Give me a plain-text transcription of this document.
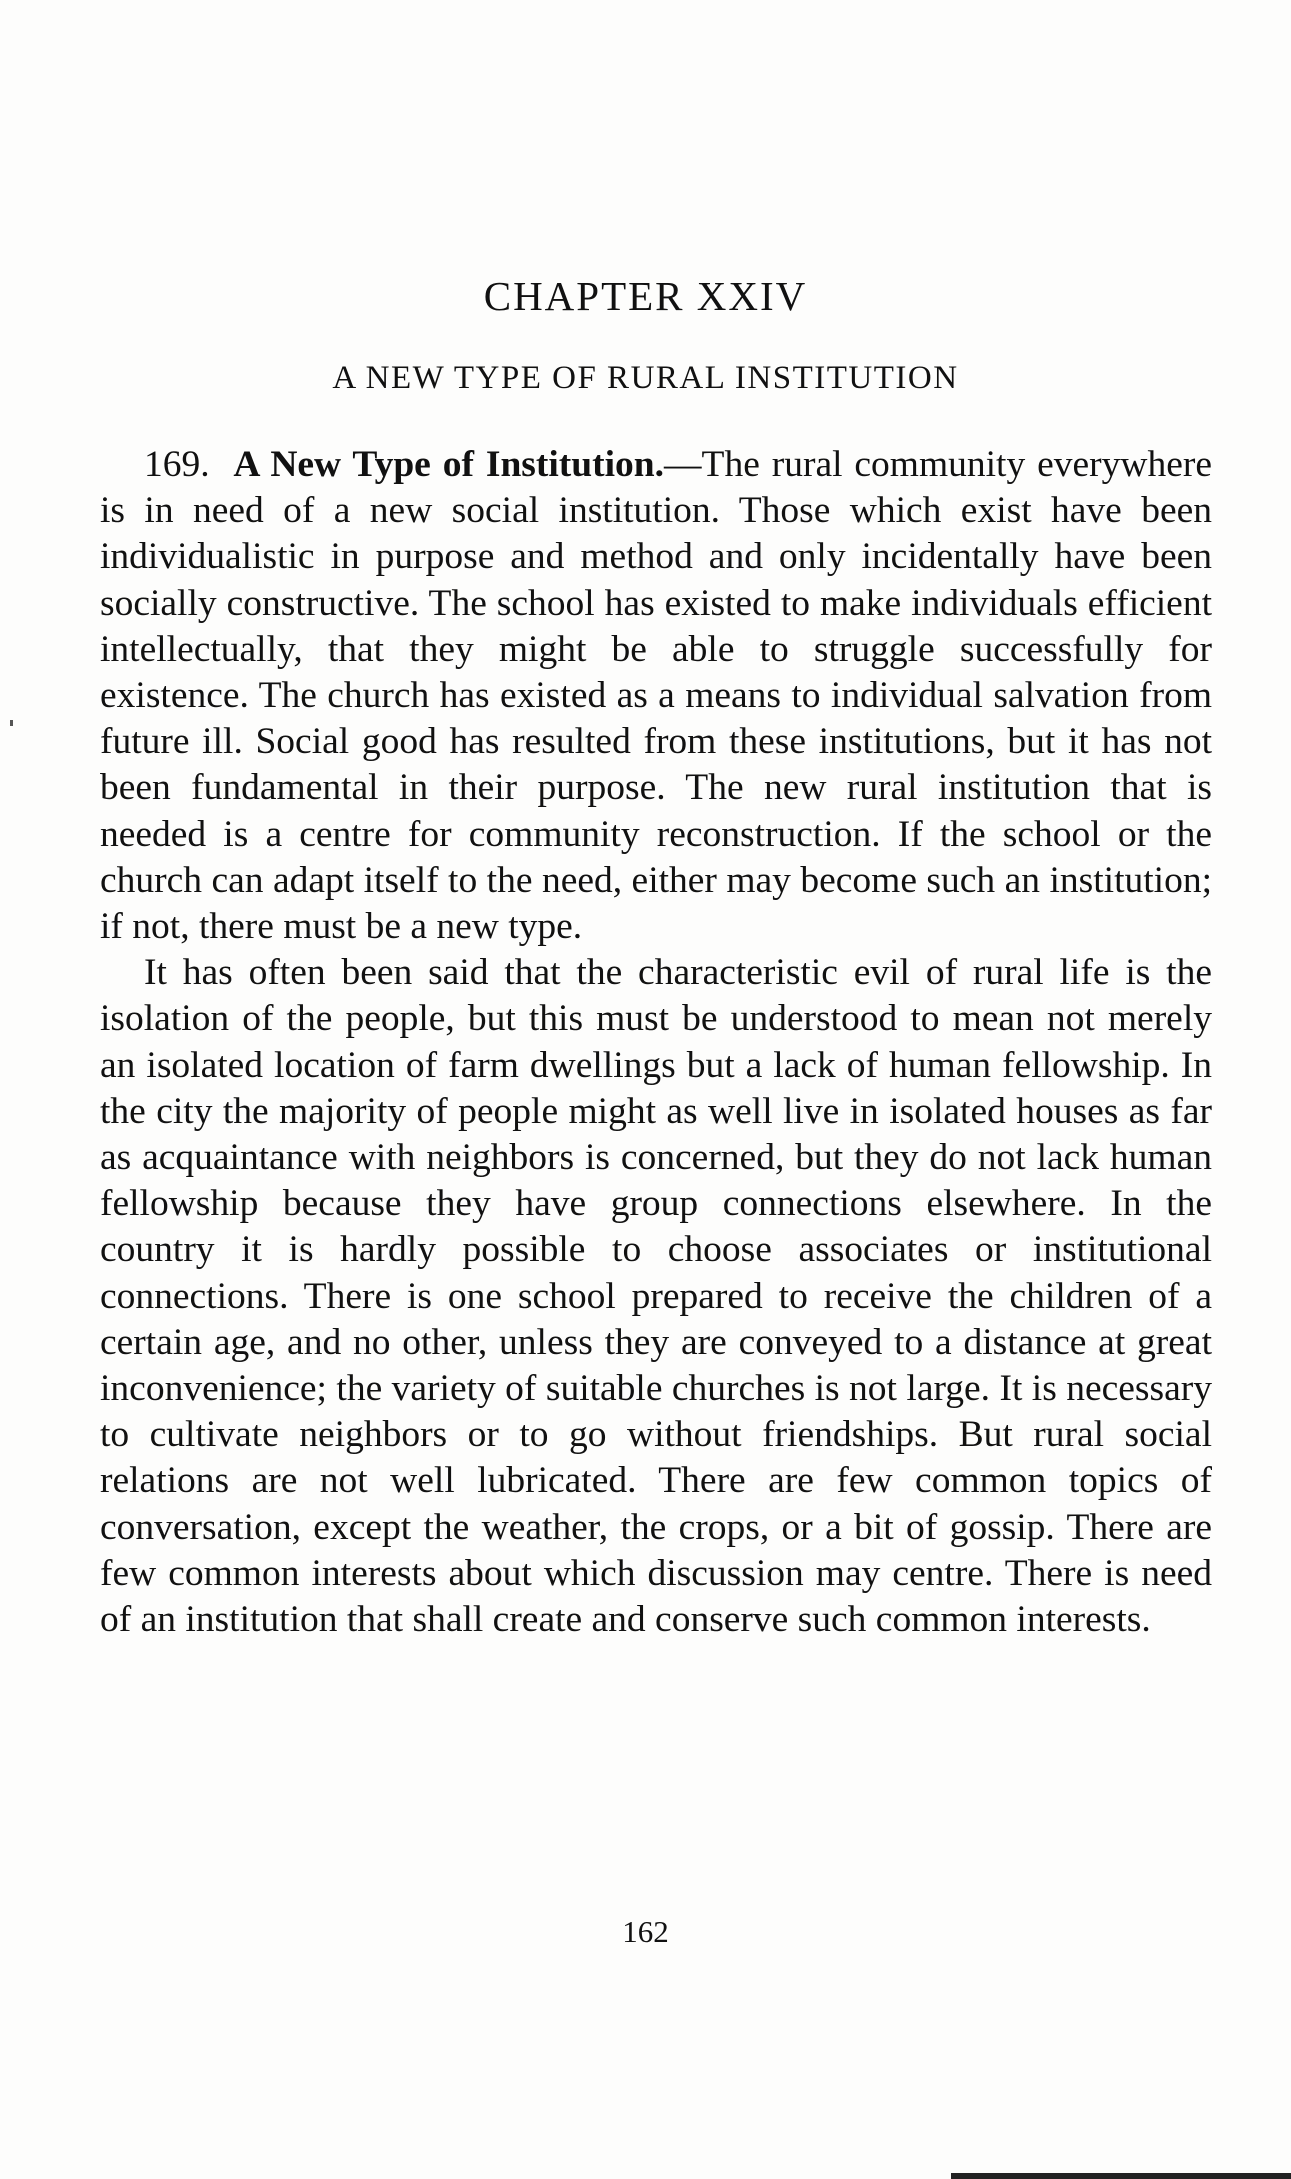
CHAPTER XXIV
A NEW TYPE OF RURAL INSTITUTION

169. A New Type of Institution.—The rural community everywhere is in need of a new social institution. Those which exist have been individualistic in purpose and method and only incidentally have been socially constructive. The school has existed to make individuals efficient intellectually, that they might be able to struggle successfully for existence. The church has existed as a means to individual salvation from future ill. Social good has resulted from these institutions, but it has not been fundamental in their purpose. The new rural institution that is needed is a centre for community reconstruction. If the school or the church can adapt itself to the need, either may become such an institution; if not, there must be a new type.

It has often been said that the characteristic evil of rural life is the isolation of the people, but this must be understood to mean not merely an isolated location of farm dwellings but a lack of human fellowship. In the city the majority of people might as well live in isolated houses as far as acquaintance with neighbors is concerned, but they do not lack human fellowship because they have group connections elsewhere. In the country it is hardly possible to choose associates or institutional connections. There is one school prepared to receive the children of a certain age, and no other, unless they are conveyed to a distance at great inconvenience; the variety of suitable churches is not large. It is necessary to cultivate neighbors or to go without friendships. But rural social relations are not well lubricated. There are few common topics of conversation, except the weather, the crops, or a bit of gossip. There are few common interests about which discussion may centre. There is need of an institution that shall create and conserve such common interests.

162
